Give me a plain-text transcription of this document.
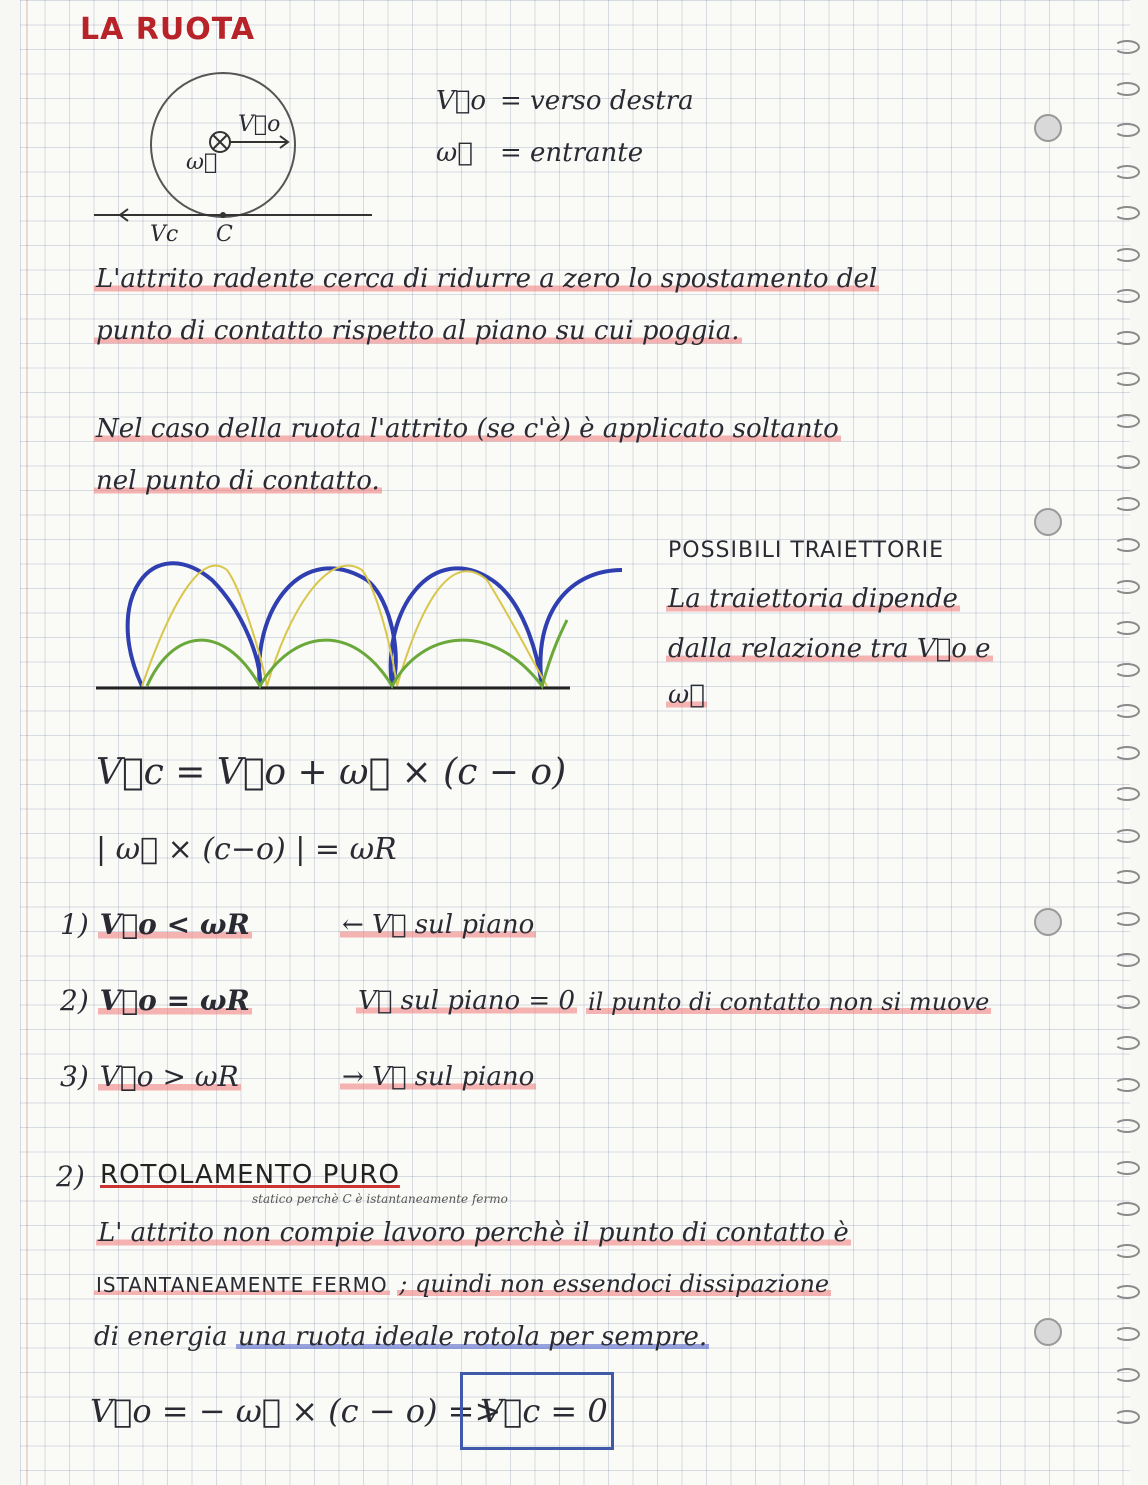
LA RUOTA
ω⃗
V⃗o
Vc C
V⃗o = verso destra
ω⃗ = entrante
L'attrito radente cerca di ridurre a zero lo spostamento del
punto di contatto rispetto al piano su cui poggia.
Nel caso della ruota l'attrito (se c'è) è applicato soltanto
nel punto di contatto.
POSSIBILI TRAIETTORIE
La traiettoria dipende
dalla relazione tra V⃗o e
ω⃗
V⃗c = V⃗o + ω⃗ × (c − o)
| ω⃗ × (c−o) | = ωR
1) V⃗o < ωR	← V⃗ sul piano
2) V⃗o = ωR	V⃗ sul piano = 0 il punto di contatto non si muove
3) V⃗o > ωR	→ V⃗ sul piano
2) ROTOLAMENTO PURO
statico perchè C è istantaneamente fermo
L' attrito non compie lavoro perchè il punto di contatto è
ISTANTANEAMENTE FERMO ; quindi non essendoci dissipazione
di energia una ruota ideale rotola per sempre.
V⃗o = − ω⃗ × (c − o) =>
V⃗c = 0
